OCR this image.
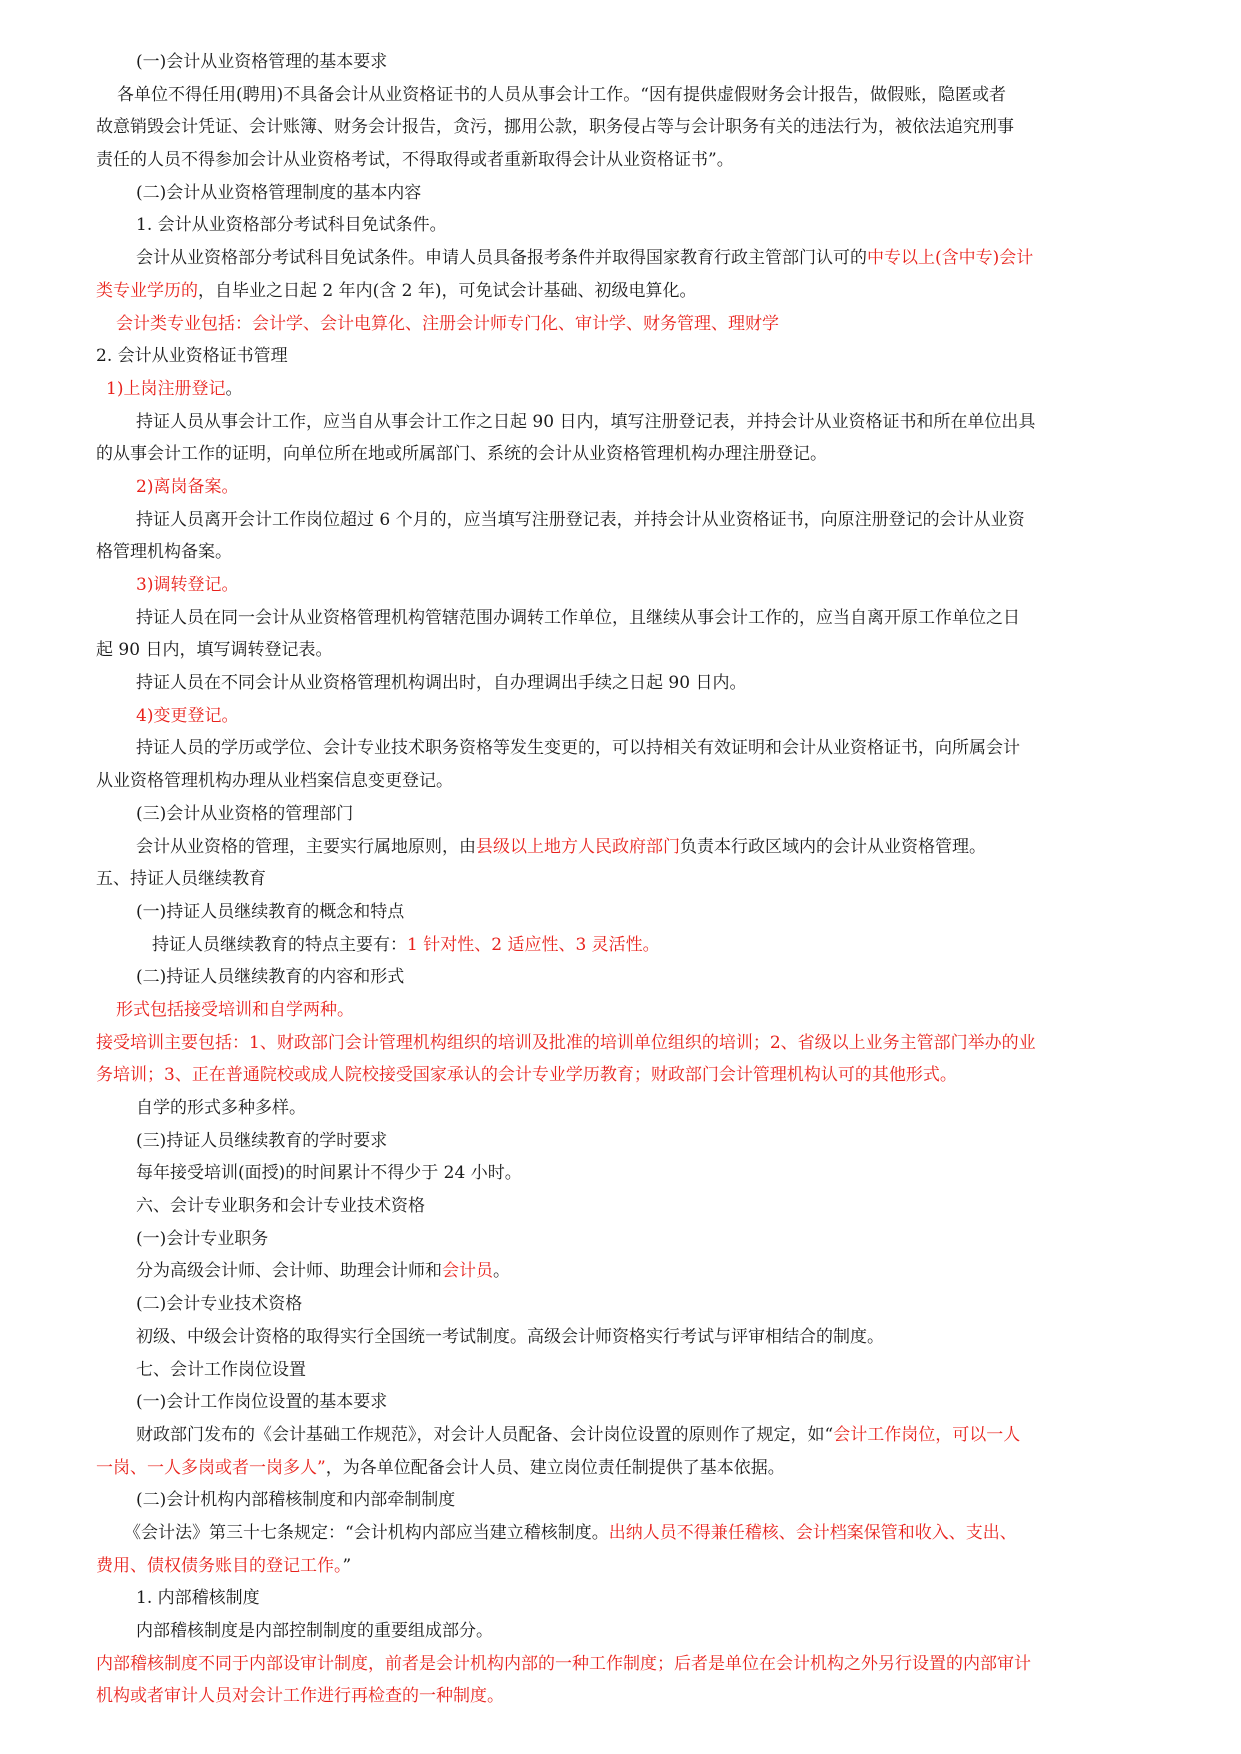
(一)会计从业资格管理的基本要求
各单位不得任用(聘用)不具备会计从业资格证书的人员从事会计工作。“因有提供虚假财务会计报告，做假账，隐匿或者
故意销毁会计凭证、会计账簿、财务会计报告，贪污，挪用公款，职务侵占等与会计职务有关的违法行为，被依法追究刑事
责任的人员不得参加会计从业资格考试，不得取得或者重新取得会计从业资格证书”。
(二)会计从业资格管理制度的基本内容
1. 会计从业资格部分考试科目免试条件。
会计从业资格部分考试科目免试条件。申请人员具备报考条件并取得国家教育行政主管部门认可的中专以上(含中专)会计
类专业学历的，自毕业之日起 2 年内(含 2 年)，可免试会计基础、初级电算化。
会计类专业包括：会计学、会计电算化、注册会计师专门化、审计学、财务管理、理财学
2. 会计从业资格证书管理
1)上岗注册登记。
持证人员从事会计工作，应当自从事会计工作之日起 90 日内，填写注册登记表，并持会计从业资格证书和所在单位出具
的从事会计工作的证明，向单位所在地或所属部门、系统的会计从业资格管理机构办理注册登记。
2)离岗备案。
持证人员离开会计工作岗位超过 6 个月的，应当填写注册登记表，并持会计从业资格证书，向原注册登记的会计从业资
格管理机构备案。
3)调转登记。
持证人员在同一会计从业资格管理机构管辖范围办调转工作单位，且继续从事会计工作的，应当自离开原工作单位之日
起 90 日内，填写调转登记表。
持证人员在不同会计从业资格管理机构调出时，自办理调出手续之日起 90 日内。
4)变更登记。
持证人员的学历或学位、会计专业技术职务资格等发生变更的，可以持相关有效证明和会计从业资格证书，向所属会计
从业资格管理机构办理从业档案信息变更登记。
(三)会计从业资格的管理部门
会计从业资格的管理，主要实行属地原则，由县级以上地方人民政府部门负责本行政区域内的会计从业资格管理。
五、持证人员继续教育
(一)持证人员继续教育的概念和特点
持证人员继续教育的特点主要有：1 针对性、2 适应性、3 灵活性。
(二)持证人员继续教育的内容和形式
形式包括接受培训和自学两种。
接受培训主要包括：1、财政部门会计管理机构组织的培训及批准的培训单位组织的培训；2、省级以上业务主管部门举办的业
务培训；3、正在普通院校或成人院校接受国家承认的会计专业学历教育；财政部门会计管理机构认可的其他形式。
自学的形式多种多样。
(三)持证人员继续教育的学时要求
每年接受培训(面授)的时间累计不得少于 24 小时。
六、会计专业职务和会计专业技术资格
(一)会计专业职务
分为高级会计师、会计师、助理会计师和会计员。
(二)会计专业技术资格
初级、中级会计资格的取得实行全国统一考试制度。高级会计师资格实行考试与评审相结合的制度。
七、会计工作岗位设置
(一)会计工作岗位设置的基本要求
财政部门发布的《会计基础工作规范》，对会计人员配备、会计岗位设置的原则作了规定，如“会计工作岗位，可以一人
一岗、一人多岗或者一岗多人”，为各单位配备会计人员、建立岗位责任制提供了基本依据。
(二)会计机构内部稽核制度和内部牵制制度
《会计法》第三十七条规定：“会计机构内部应当建立稽核制度。出纳人员不得兼任稽核、会计档案保管和收入、支出、
费用、债权债务账目的登记工作。”
1. 内部稽核制度
内部稽核制度是内部控制制度的重要组成部分。
内部稽核制度不同于内部设审计制度，前者是会计机构内部的一种工作制度；后者是单位在会计机构之外另行设置的内部审计
机构或者审计人员对会计工作进行再检查的一种制度。
